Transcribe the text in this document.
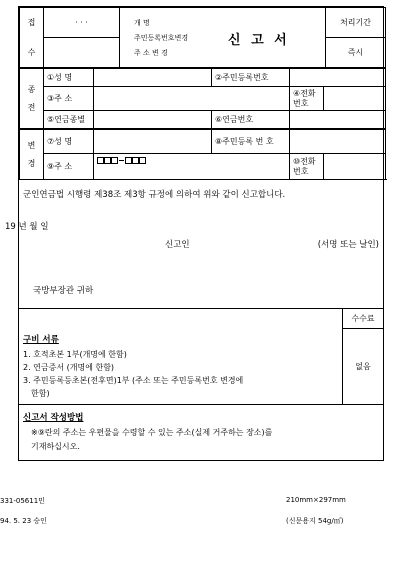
접	· · ·	개 명
주민등록번호변경
주 소 변 경
신 고 서	처리기간
수			즉시
종 전	①성 명		②주민등록번호		
	③주 소			④전화 번호	
	⑤연금종별		⑥연금번호		
변 경	⑦성 명		⑧주민등록 번 호		
	⑨주 소			⑩전화 번호	
군인연금법 시행령 제38조 제3항 규정에 의하여 위와 같이 신고합니다.
19 년 월 일
신고인	(서명 또는 날인)
국방부장관 귀하
구비 서류
1. 호적초본 1부(개명에 한함)
2. 연금증서 (개명에 한함)
3. 주민등록등초본(전후면)1부 (주소 또는 주민등록번호 변경에
한함)
수수료
없음
신고서 작성방법
※⑨란의 주소는 우편물을 수령할 수 있는 주소(실제 거주하는 장소)를
기재하십시오.
331-05611민	210mm×297mm
94. 5. 23 승인	(신문용지 54g/㎡)
